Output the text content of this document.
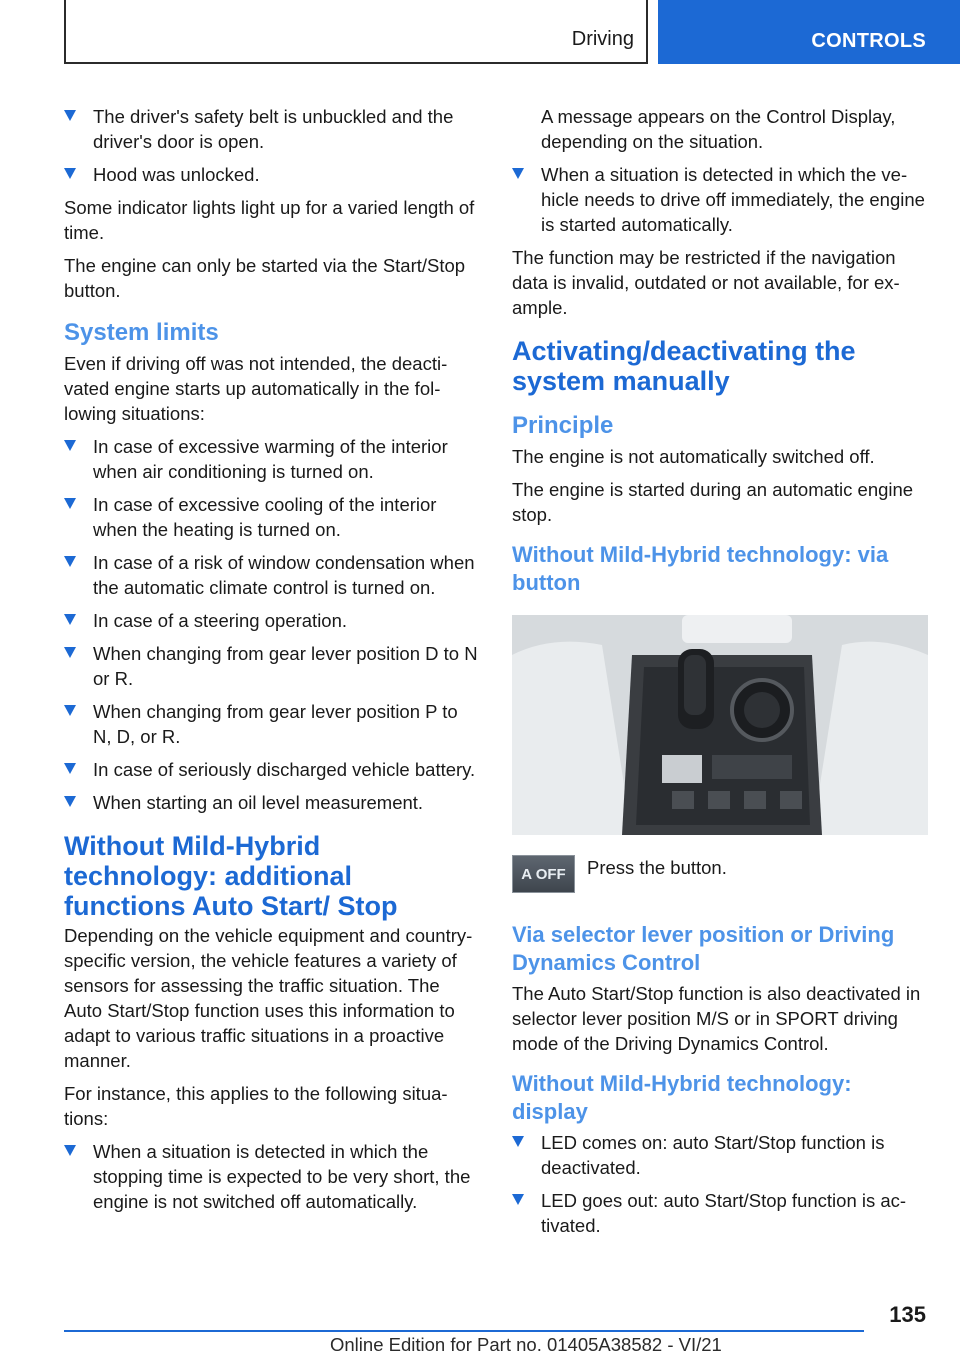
Driving	CONTROLS
The driver's safety belt is unbuckled and the driver's door is open.
Hood was unlocked.

Some indicator lights light up for a varied length of time.

The engine can only be started via the Start/Stop button.

System limits

Even if driving off was not intended, the deactivated engine starts up automatically in the following situations:

In case of excessive warming of the interior when air conditioning is turned on.
In case of excessive cooling of the interior when the heating is turned on.
In case of a risk of window condensation when the automatic climate control is turned on.
In case of a steering operation.
When changing from gear lever position D to N or R.
When changing from gear lever position P to N, D, or R.
In case of seriously discharged vehicle battery.
When starting an oil level measurement.
Without Mild-Hybrid technology: additional functions Auto Start/ Stop

Depending on the vehicle equipment and country-specific version, the vehicle features a variety of sensors for assessing the traffic situation. The Auto Start/Stop function uses this information to adapt to various traffic situations in a proactive manner.

For instance, this applies to the following situations:

When a situation is detected in which the stopping time is expected to be very short, the engine is not switched off automatically.
A message appears on the Control Display, depending on the situation.
When a situation is detected in which the vehicle needs to drive off immediately, the engine is started automatically.

The function may be restricted if the navigation data is invalid, outdated or not available, for example.

Activating/deactivating the system manually
Principle

The engine is not automatically switched off.

The engine is started during an automatic engine stop.

Without Mild-Hybrid technology: via button
A OFF	Press the button.
Via selector lever position or Driving Dynamics Control

The Auto Start/Stop function is also deactivated in selector lever position M/S or in SPORT driving mode of the Driving Dynamics Control.

Without Mild-Hybrid technology: display
LED comes on: auto Start/Stop function is deactivated.
LED goes out: auto Start/Stop function is activated.
135
Online Edition for Part no. 01405A38582 - VI/21
